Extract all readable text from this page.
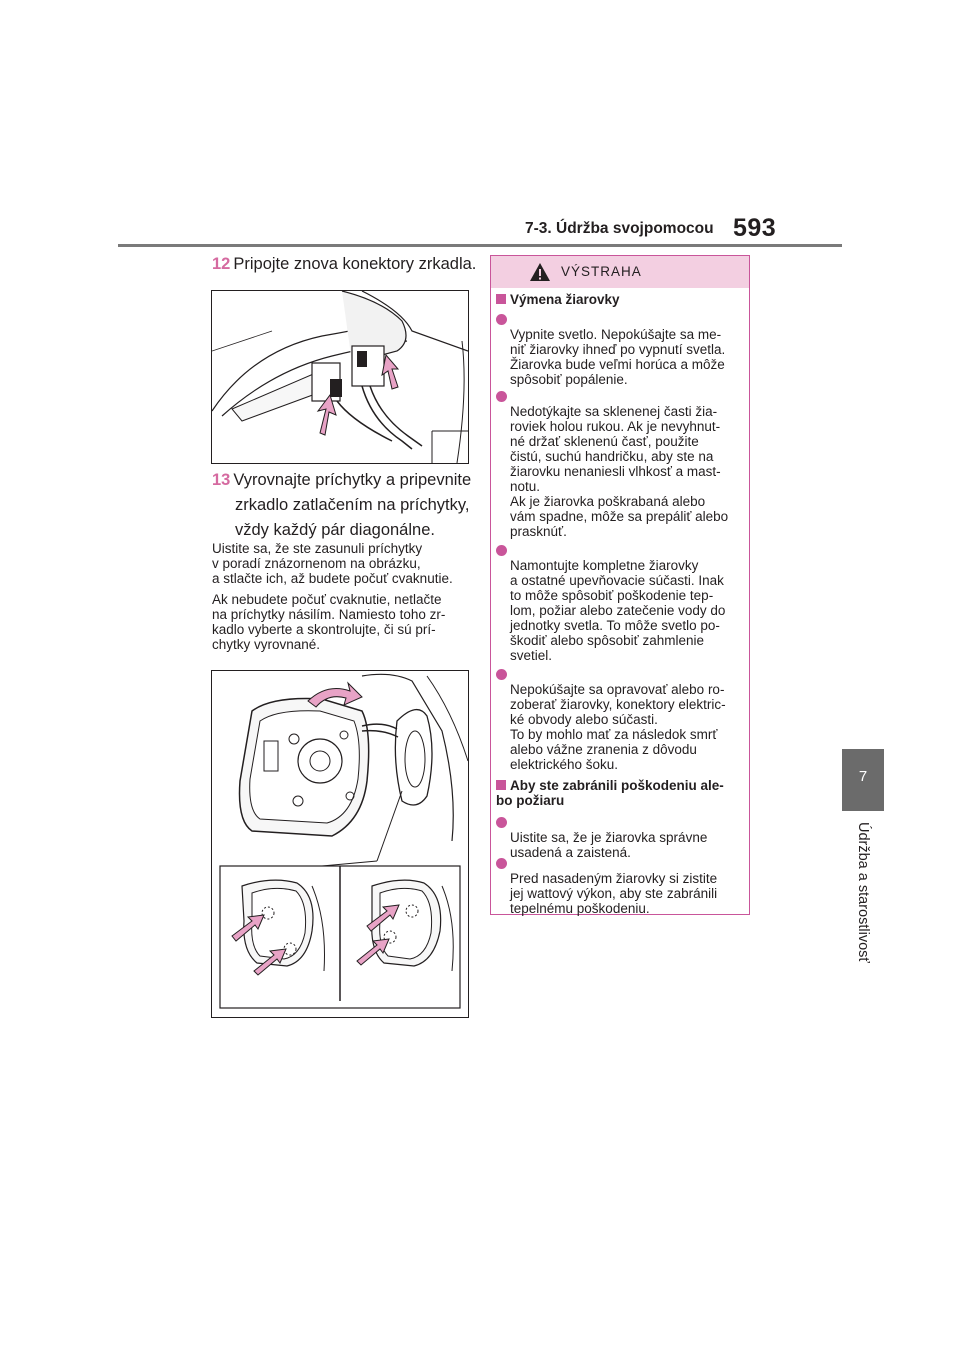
7-3. Údržba svojpomocou 593
7
Údržba a starostlivosť
12 Pripojte znova konektory zrkadla.
13 Vyrovnajte príchytky a pripevnite
zrkadlo zatlačením na príchytky,
vždy každý pár diagonálne.
Uistite sa, že ste zasunuli príchytky
v poradí znázornenom na obrázku,
a stlačte ich, až budete počuť cvaknutie.
Ak nebudete počuť cvaknutie, netlačte
na príchytky násilím. Namiesto toho zr-
kadlo vyberte a skontrolujte, či sú prí-
chytky vyrovnané.
VÝSTRAHA
Výmena žiarovky

Vypnite svetlo. Nepokúšajte sa me-
niť žiarovky ihneď po vypnutí svetla.
Žiarovka bude veľmi horúca a môže
spôsobiť popálenie.

Nedotýkajte sa sklenenej časti žia-
roviek holou rukou. Ak je nevyhnut-
né držať sklenenú časť, použite
čistú, suchú handričku, aby ste na
žiarovku nenaniesli vlhkosť a mast-
notu.
Ak je žiarovka poškrabaná alebo
vám spadne, môže sa prepáliť alebo
prasknúť.

Namontujte kompletne žiarovky
a ostatné upevňovacie súčasti. Inak
to môže spôsobiť poškodenie tep-
lom, požiar alebo zatečenie vody do
jednotky svetla. To môže svetlo po-
škodiť alebo spôsobiť zahmlenie
svetiel.

Nepokúšajte sa opravovať alebo ro-
zoberať žiarovky, konektory elektric-
ké obvody alebo súčasti.
To by mohlo mať za následok smrť
alebo vážne zranenia z dôvodu
elektrického šoku.

Aby ste zabránili poškodeniu ale-
bo požiaru

Uistite sa, že je žiarovka správne
usadená a zaistená.

Pred nasadeným žiarovky si zistite
jej wattový výkon, aby ste zabránili
tepelnému poškodeniu.
